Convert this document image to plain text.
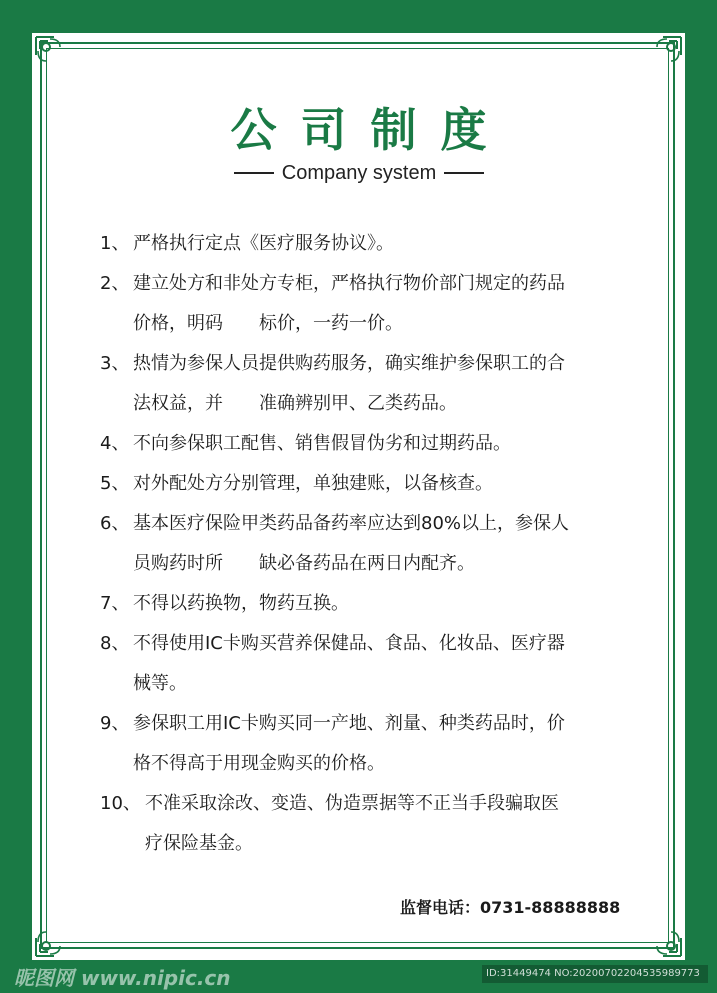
公司制度
Company system
1、 严格执行定点《医疗服务协议》。
2、 建立处方和非处方专柜，严格执行物价部门规定的药品
价格，明码　　标价，一药一价。
3、 热情为参保人员提供购药服务，确实维护参保职工的合
法权益，并　　准确辨别甲、乙类药品。
4、 不向参保职工配售、销售假冒伪劣和过期药品。
5、 对外配处方分别管理，单独建账，以备核查。
6、 基本医疗保险甲类药品备药率应达到80%以上，参保人
员购药时所　　缺必备药品在两日内配齐。
7、 不得以药换物，物药互换。
8、 不得使用IC卡购买营养保健品、食品、化妆品、医疗器
械等。
9、 参保职工用IC卡购买同一产地、剂量、种类药品时，价
格不得高于用现金购买的价格。
10、 不准采取涂改、变造、伪造票据等不正当手段骗取医
疗保险基金。
监督电话：0731-88888888
昵图网 www.nipic.cn	ID:31449474 NO:20200702204535989773
